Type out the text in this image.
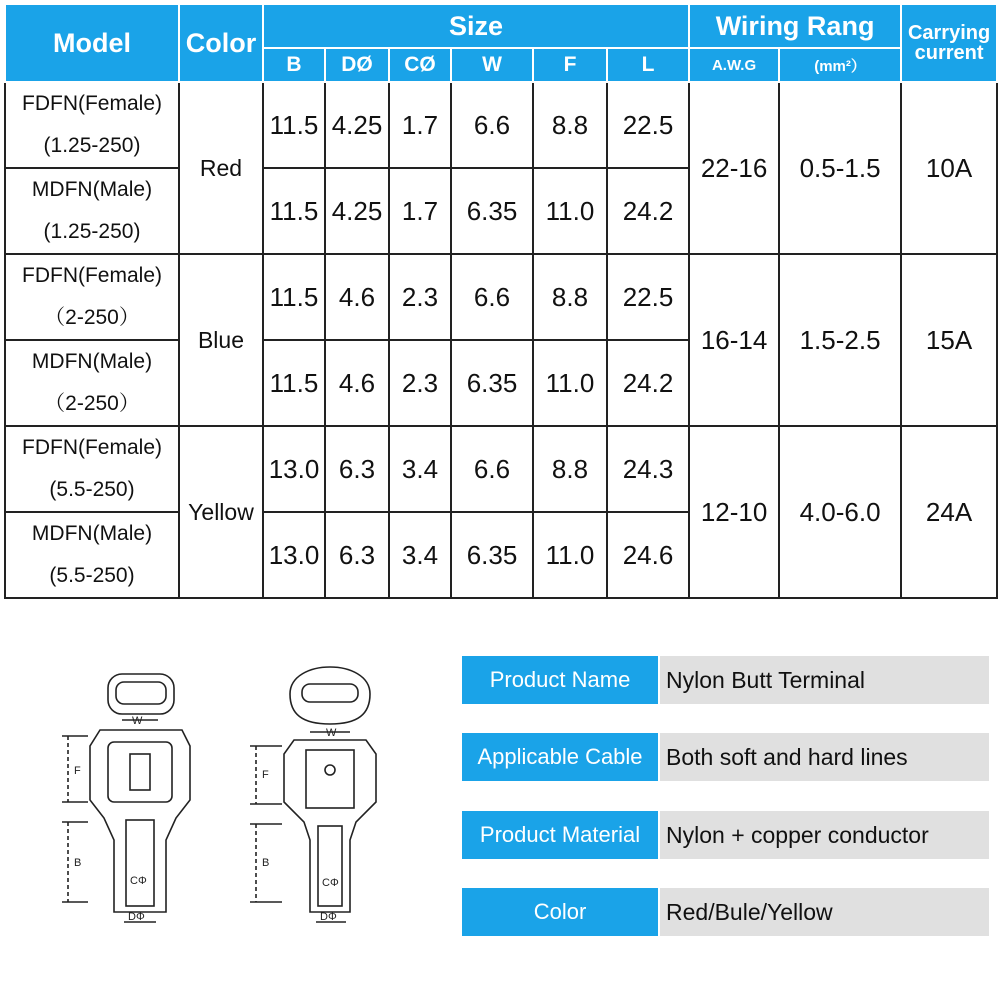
Model	Color	Size						Wiring Rang		Carrying
current

		B	DØ	CØ	W	F	L	A.W.G	(mm²）	

FDFN(Female)
(1.25-250)	Red	11.5	4.25	1.7	6.6	8.8	22.5	22-16	0.5-1.5	10A

MDFN(Male)
(1.25-250)		11.5	4.25	1.7	6.35	11.0	24.2			

FDFN(Female)
（2-250）	Blue	11.5	4.6	2.3	6.6	8.8	22.5	16-14	1.5-2.5	15A

MDFN(Male)
（2-250）		11.5	4.6	2.3	6.35	11.0	24.2			

FDFN(Female)
(5.5-250)	Yellow	13.0	6.3	3.4	6.6	8.8	24.3	12-10	4.0-6.0	24A

MDFN(Male)
(5.5-250)		13.0	6.3	3.4	6.35	11.0	24.6			
W
F
B
CΦ
DΦ
W
F
B
CΦ
DΦ
Product Name	Nylon Butt Terminal
Applicable Cable	Both soft and hard lines
Product Material	Nylon + copper conductor
Color	Red/Bule/Yellow
